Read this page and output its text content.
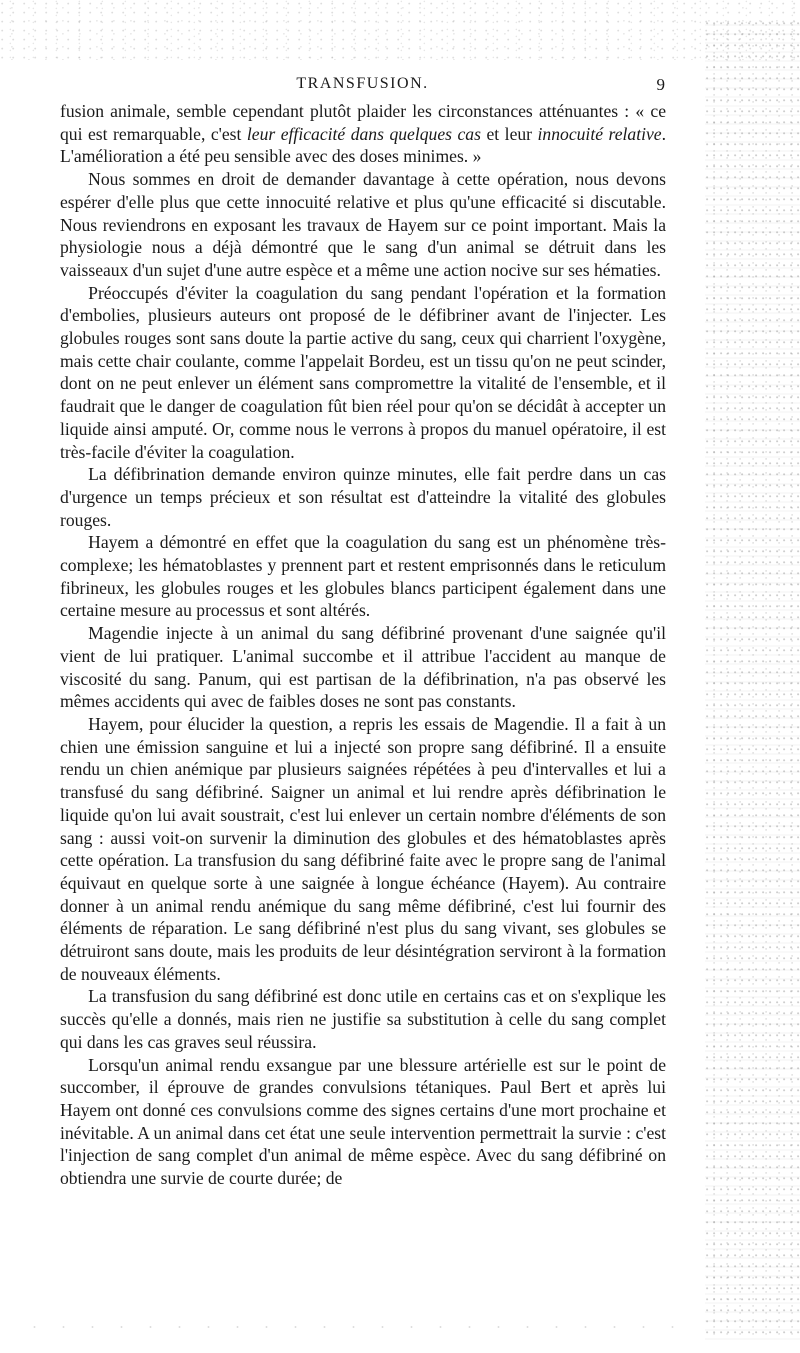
TRANSFUSION.	9

fusion animale, semble cependant plutôt plaider les circonstances atténuantes : « ce qui est remarquable, c'est leur efficacité dans quelques cas et leur innocuité relative. L'amélioration a été peu sensible avec des doses minimes. »

Nous sommes en droit de demander davantage à cette opération, nous devons espérer d'elle plus que cette innocuité relative et plus qu'une efficacité si discutable. Nous reviendrons en exposant les travaux de Hayem sur ce point important. Mais la physiologie nous a déjà démontré que le sang d'un animal se détruit dans les vaisseaux d'un sujet d'une autre espèce et a même une action nocive sur ses hématies.

Préoccupés d'éviter la coagulation du sang pendant l'opération et la formation d'embolies, plusieurs auteurs ont proposé de le défibriner avant de l'injecter. Les globules rouges sont sans doute la partie active du sang, ceux qui charrient l'oxygène, mais cette chair coulante, comme l'appelait Bordeu, est un tissu qu'on ne peut scinder, dont on ne peut enlever un élément sans compromettre la vitalité de l'ensemble, et il faudrait que le danger de coagulation fût bien réel pour qu'on se décidât à accepter un liquide ainsi amputé. Or, comme nous le verrons à propos du manuel opératoire, il est très-facile d'éviter la coagulation.

La défibrination demande environ quinze minutes, elle fait perdre dans un cas d'urgence un temps précieux et son résultat est d'atteindre la vitalité des globules rouges.

Hayem a démontré en effet que la coagulation du sang est un phénomène très-complexe; les hématoblastes y prennent part et restent emprisonnés dans le reticulum fibrineux, les globules rouges et les globules blancs participent également dans une certaine mesure au processus et sont altérés.

Magendie injecte à un animal du sang défibriné provenant d'une saignée qu'il vient de lui pratiquer. L'animal succombe et il attribue l'accident au manque de viscosité du sang. Panum, qui est partisan de la défibrination, n'a pas observé les mêmes accidents qui avec de faibles doses ne sont pas constants.

Hayem, pour élucider la question, a repris les essais de Magendie. Il a fait à un chien une émission sanguine et lui a injecté son propre sang défibriné. Il a ensuite rendu un chien anémique par plusieurs saignées répétées à peu d'intervalles et lui a transfusé du sang défibriné. Saigner un animal et lui rendre après défibrination le liquide qu'on lui avait soustrait, c'est lui enlever un certain nombre d'éléments de son sang : aussi voit-on survenir la diminution des globules et des hématoblastes après cette opération. La transfusion du sang défibriné faite avec le propre sang de l'animal équivaut en quelque sorte à une saignée à longue échéance (Hayem). Au contraire donner à un animal rendu anémique du sang même défibriné, c'est lui fournir des éléments de réparation. Le sang défibriné n'est plus du sang vivant, ses globules se détruiront sans doute, mais les produits de leur désintégration serviront à la formation de nouveaux éléments.

La transfusion du sang défibriné est donc utile en certains cas et on s'explique les succès qu'elle a donnés, mais rien ne justifie sa substitution à celle du sang complet qui dans les cas graves seul réussira.

Lorsqu'un animal rendu exsangue par une blessure artérielle est sur le point de succomber, il éprouve de grandes convulsions tétaniques. Paul Bert et après lui Hayem ont donné ces convulsions comme des signes certains d'une mort prochaine et inévitable. A un animal dans cet état une seule intervention permettrait la survie : c'est l'injection de sang complet d'un animal de même espèce. Avec du sang défibriné on obtiendra une survie de courte durée; de
